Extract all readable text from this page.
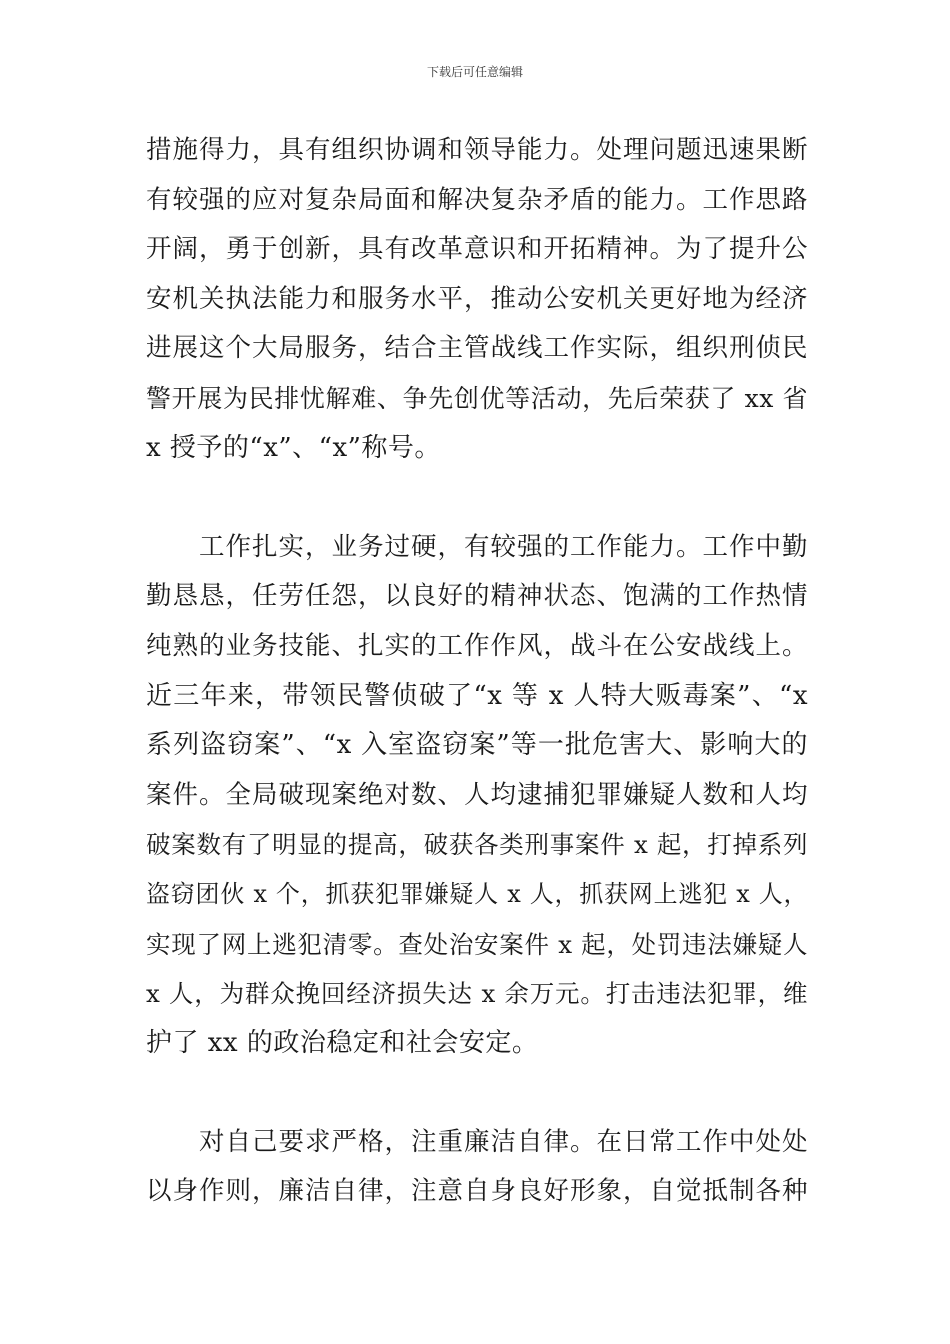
下载后可任意编辑
措施得力，具有组织协调和领导能力。处理问题迅速果断
有较强的应对复杂局面和解决复杂矛盾的能力。工作思路
开阔，勇于创新，具有改革意识和开拓精神。为了提升公
安机关执法能力和服务水平，推动公安机关更好地为经济
进展这个大局服务，结合主管战线工作实际，组织刑侦民
警开展为民排忧解难、争先创优等活动，先后荣获了 xx 省
x 授予的“x”、“x”称号。
　　工作扎实，业务过硬，有较强的工作能力。工作中勤
勤恳恳，任劳任怨，以良好的精神状态、饱满的工作热情
纯熟的业务技能、扎实的工作作风，战斗在公安战线上。
近三年来，带领民警侦破了“x 等 x 人特大贩毒案”、“x
系列盗窃案”、“x 入室盗窃案”等一批危害大、影响大的
案件。全局破现案绝对数、人均逮捕犯罪嫌疑人数和人均
破案数有了明显的提高，破获各类刑事案件 x 起，打掉系列
盗窃团伙 x 个，抓获犯罪嫌疑人 x 人，抓获网上逃犯 x 人，
实现了网上逃犯清零。查处治安案件 x 起，处罚违法嫌疑人
x 人，为群众挽回经济损失达 x 余万元。打击违法犯罪，维
护了 xx 的政治稳定和社会安定。
　　对自己要求严格，注重廉洁自律。在日常工作中处处
以身作则，廉洁自律，注意自身良好形象，自觉抵制各种
